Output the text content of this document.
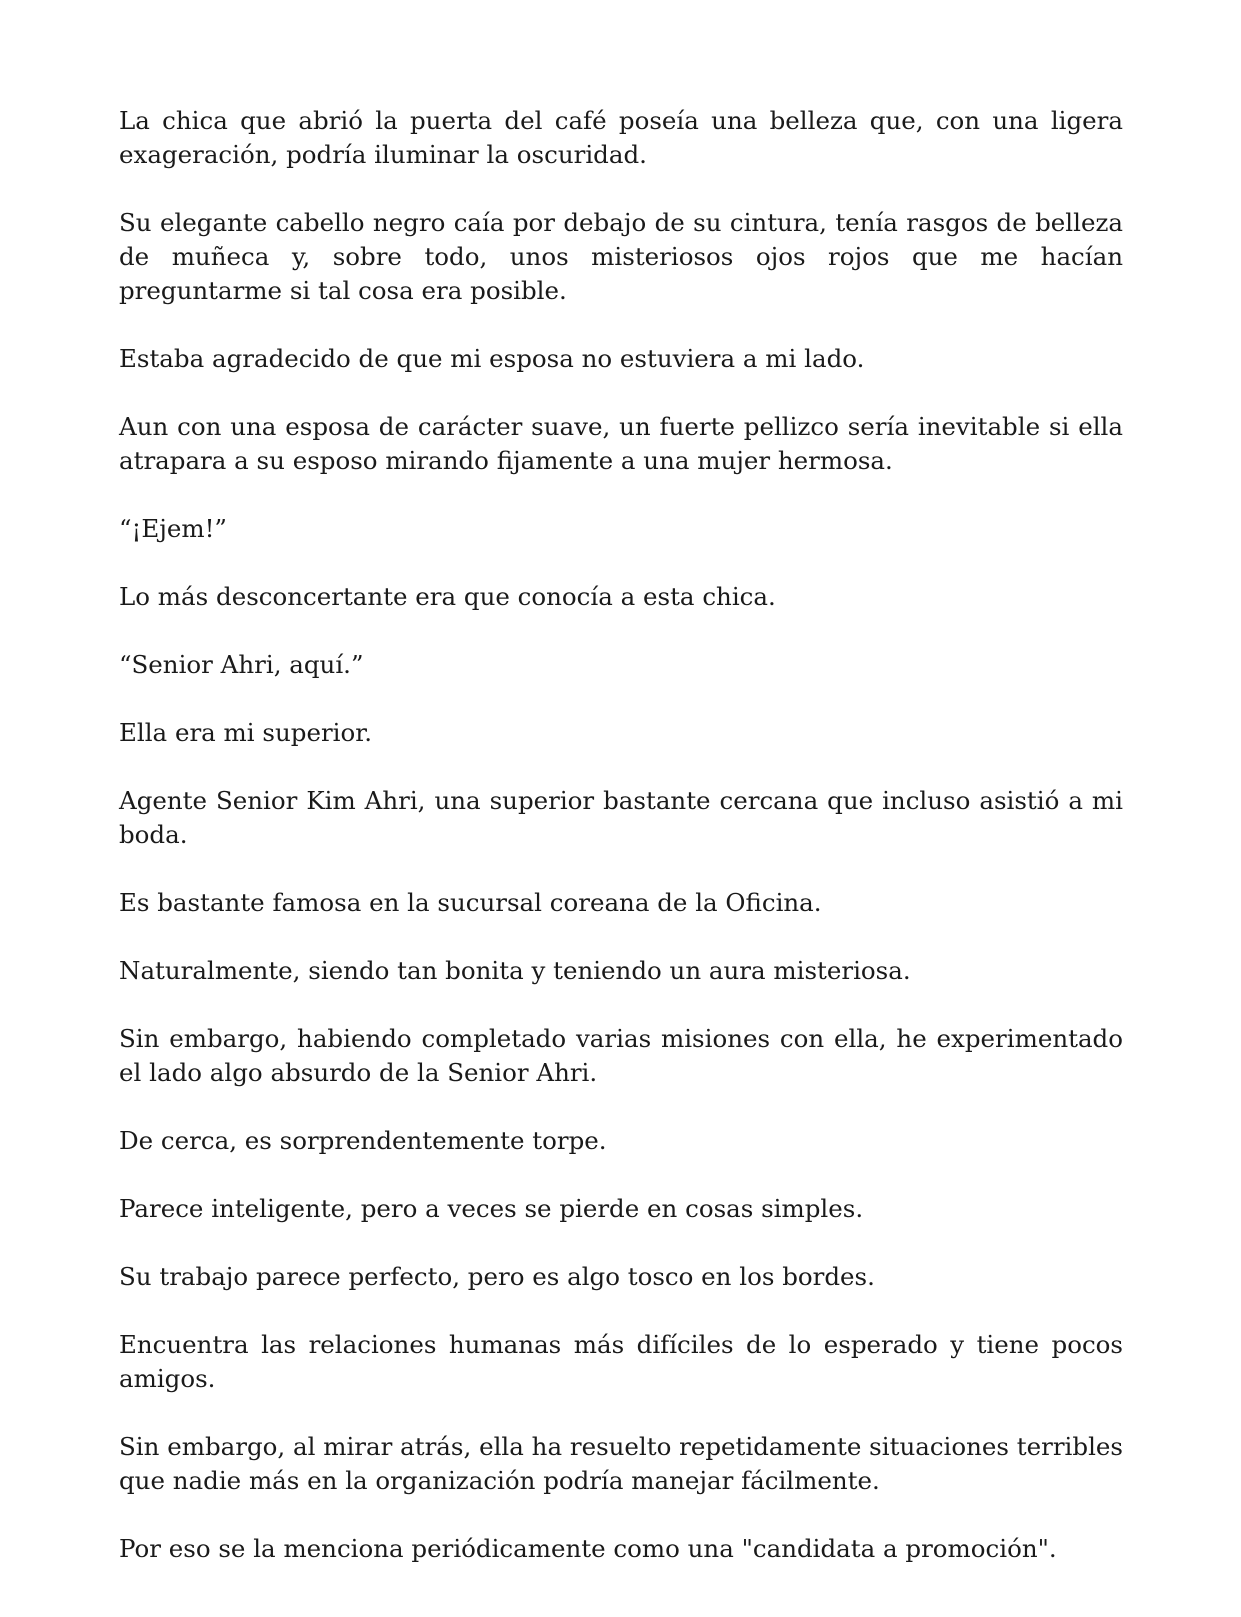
La chica que abrió la puerta del café poseía una belleza que, con una ligera exageración, podría iluminar la oscuridad.

Su elegante cabello negro caía por debajo de su cintura, tenía rasgos de belleza de muñeca y, sobre todo, unos misteriosos ojos rojos que me hacían preguntarme si tal cosa era posible.

Estaba agradecido de que mi esposa no estuviera a mi lado.

Aun con una esposa de carácter suave, un fuerte pellizco sería inevitable si ella atrapara a su esposo mirando fijamente a una mujer hermosa.

“¡Ejem!”

Lo más desconcertante era que conocía a esta chica.

“Senior Ahri, aquí.”

Ella era mi superior.

Agente Senior Kim Ahri, una superior bastante cercana que incluso asistió a mi boda.

Es bastante famosa en la sucursal coreana de la Oficina.

Naturalmente, siendo tan bonita y teniendo un aura misteriosa.

Sin embargo, habiendo completado varias misiones con ella, he experimentado el lado algo absurdo de la Senior Ahri.

De cerca, es sorprendentemente torpe.

Parece inteligente, pero a veces se pierde en cosas simples.

Su trabajo parece perfecto, pero es algo tosco en los bordes.

Encuentra las relaciones humanas más difíciles de lo esperado y tiene pocos amigos.

Sin embargo, al mirar atrás, ella ha resuelto repetidamente situaciones terribles que nadie más en la organización podría manejar fácilmente.

Por eso se la menciona periódicamente como una "candidata a promoción".
